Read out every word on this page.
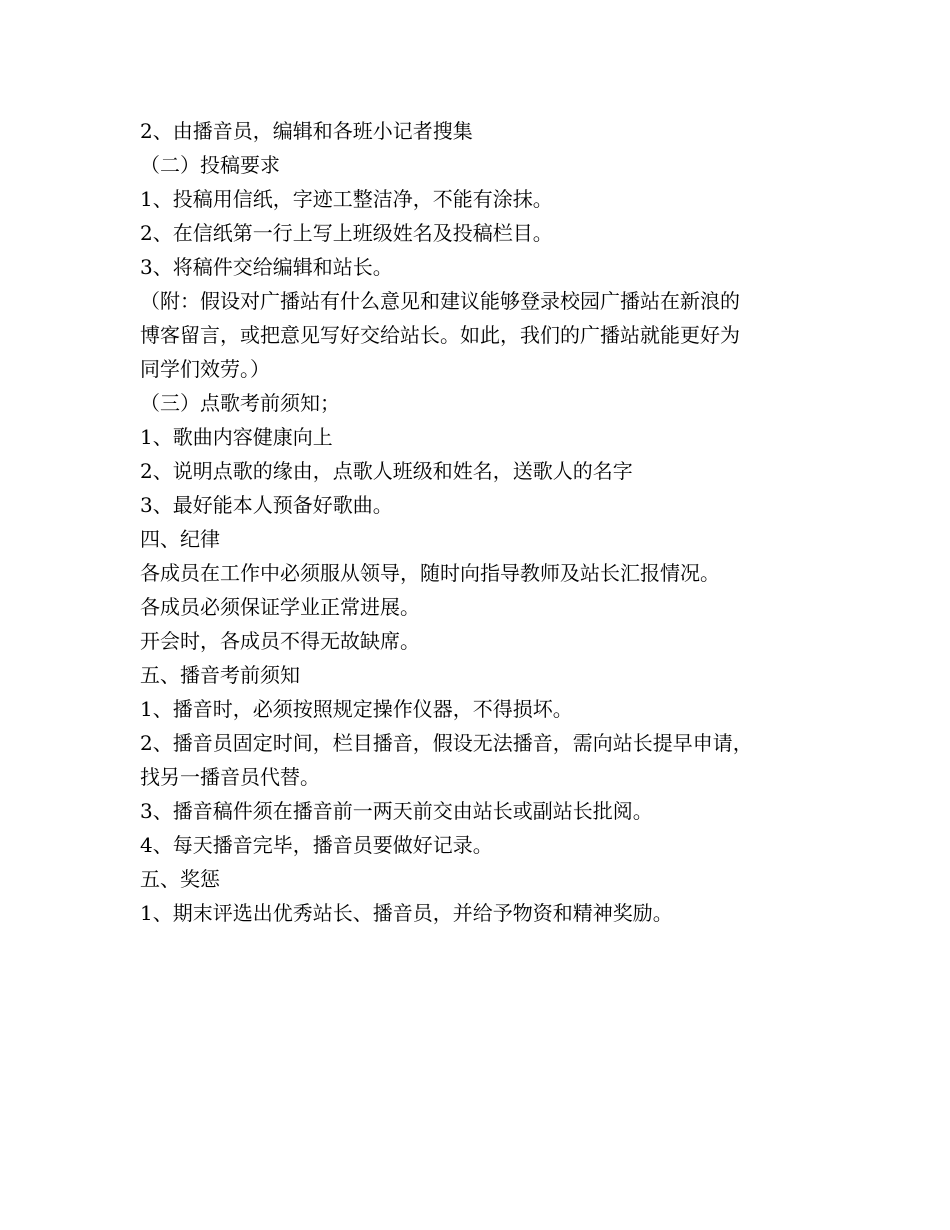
2、由播音员，编辑和各班小记者搜集

（二）投稿要求

1、投稿用信纸，字迹工整洁净，不能有涂抹。

2、在信纸第一行上写上班级姓名及投稿栏目。

3、将稿件交给编辑和站长。

（附：假设对广播站有什么意见和建议能够登录校园广播站在新浪的

博客留言，或把意见写好交给站长。如此，我们的广播站就能更好为

同学们效劳。）

（三）点歌考前须知；

1、歌曲内容健康向上

2、说明点歌的缘由，点歌人班级和姓名，送歌人的名字

3、最好能本人预备好歌曲。

四、纪律

各成员在工作中必须服从领导，随时向指导教师及站长汇报情况。

各成员必须保证学业正常进展。

开会时，各成员不得无故缺席。

五、播音考前须知

1、播音时，必须按照规定操作仪器，不得损坏。

2、播音员固定时间，栏目播音，假设无法播音，需向站长提早申请，

找另一播音员代替。

3、播音稿件须在播音前一两天前交由站长或副站长批阅。

4、每天播音完毕，播音员要做好记录。

五、奖惩

1、期末评选出优秀站长、播音员，并给予物资和精神奖励。
